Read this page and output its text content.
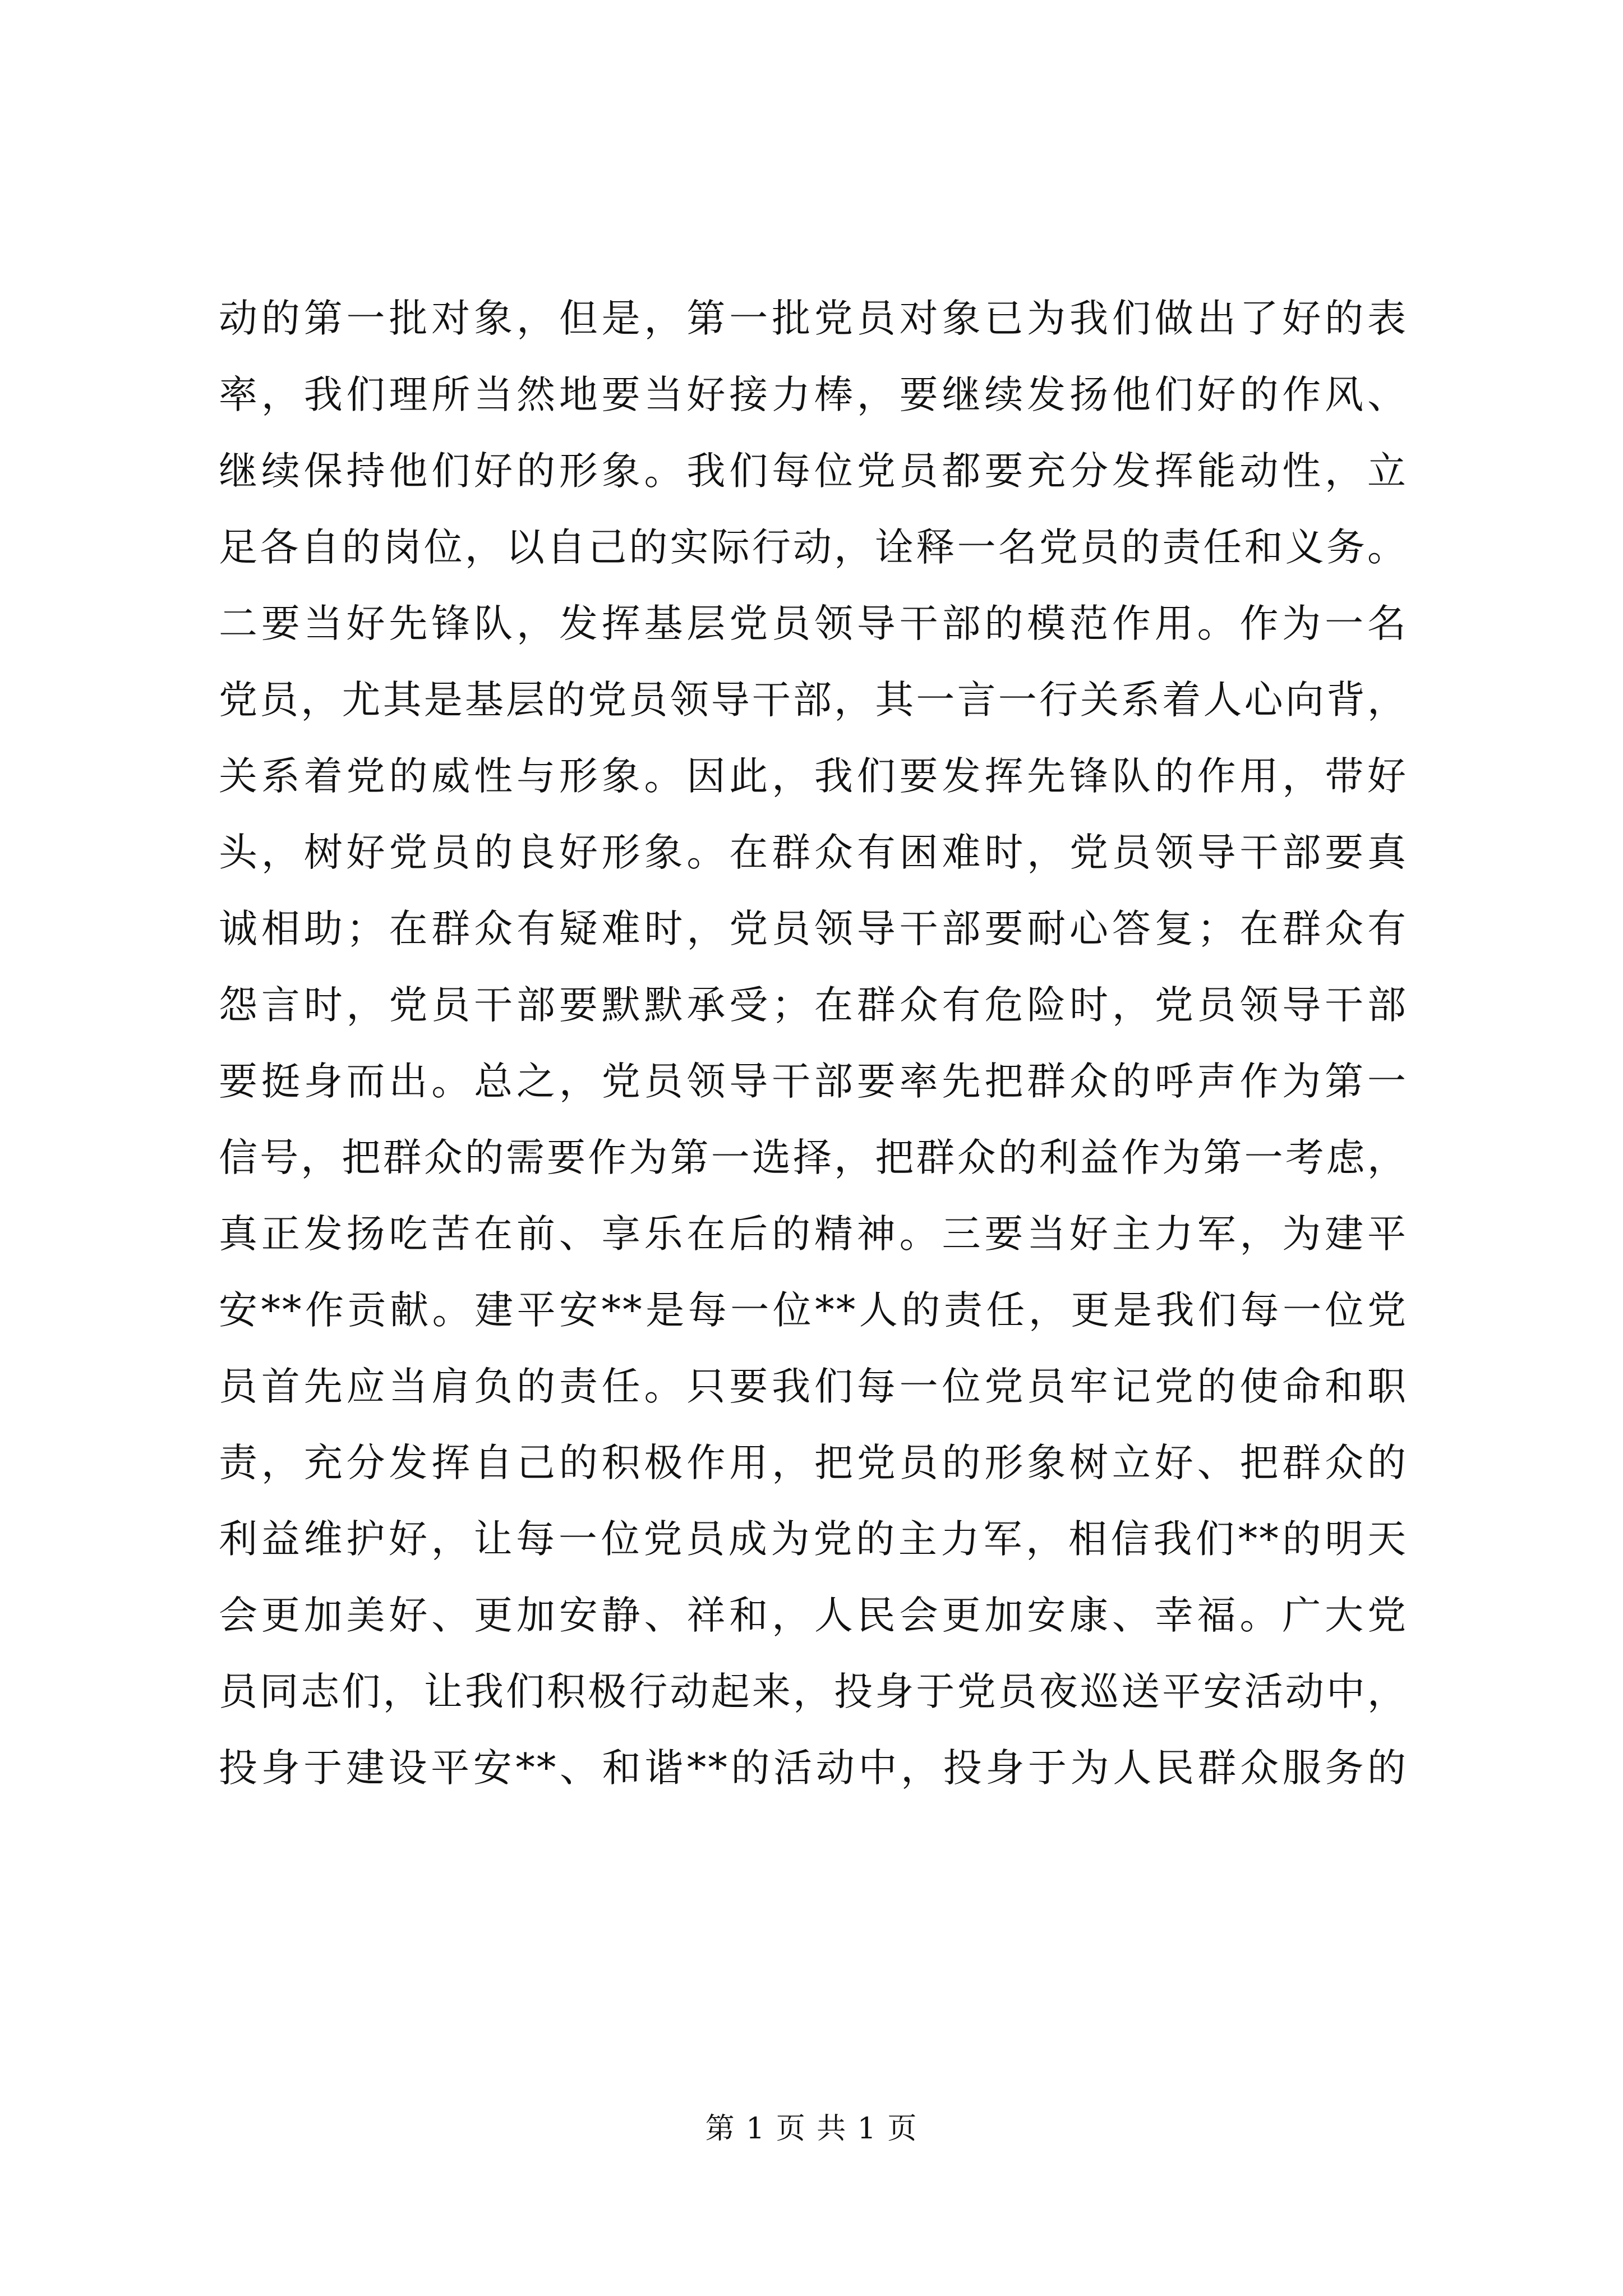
动的第一批对象，但是，第一批党员对象已为我们做出了好的表
率，我们理所当然地要当好接力棒，要继续发扬他们好的作风、
继续保持他们好的形象。我们每位党员都要充分发挥能动性，立
足各自的岗位，以自己的实际行动，诠释一名党员的责任和义务。
二要当好先锋队，发挥基层党员领导干部的模范作用。作为一名
党员，尤其是基层的党员领导干部，其一言一行关系着人心向背，
关系着党的威性与形象。因此，我们要发挥先锋队的作用，带好
头，树好党员的良好形象。在群众有困难时，党员领导干部要真
诚相助；在群众有疑难时，党员领导干部要耐心答复；在群众有
怨言时，党员干部要默默承受；在群众有危险时，党员领导干部
要挺身而出。总之，党员领导干部要率先把群众的呼声作为第一
信号，把群众的需要作为第一选择，把群众的利益作为第一考虑，
真正发扬吃苦在前、享乐在后的精神。三要当好主力军，为建平
安**作贡献。建平安**是每一位**人的责任，更是我们每一位党
员首先应当肩负的责任。只要我们每一位党员牢记党的使命和职
责，充分发挥自己的积极作用，把党员的形象树立好、把群众的
利益维护好，让每一位党员成为党的主力军，相信我们**的明天
会更加美好、更加安静、祥和，人民会更加安康、幸福。广大党
员同志们，让我们积极行动起来，投身于党员夜巡送平安活动中，
投身于建设平安**、和谐**的活动中，投身于为人民群众服务的
第 1 页 共 1 页
